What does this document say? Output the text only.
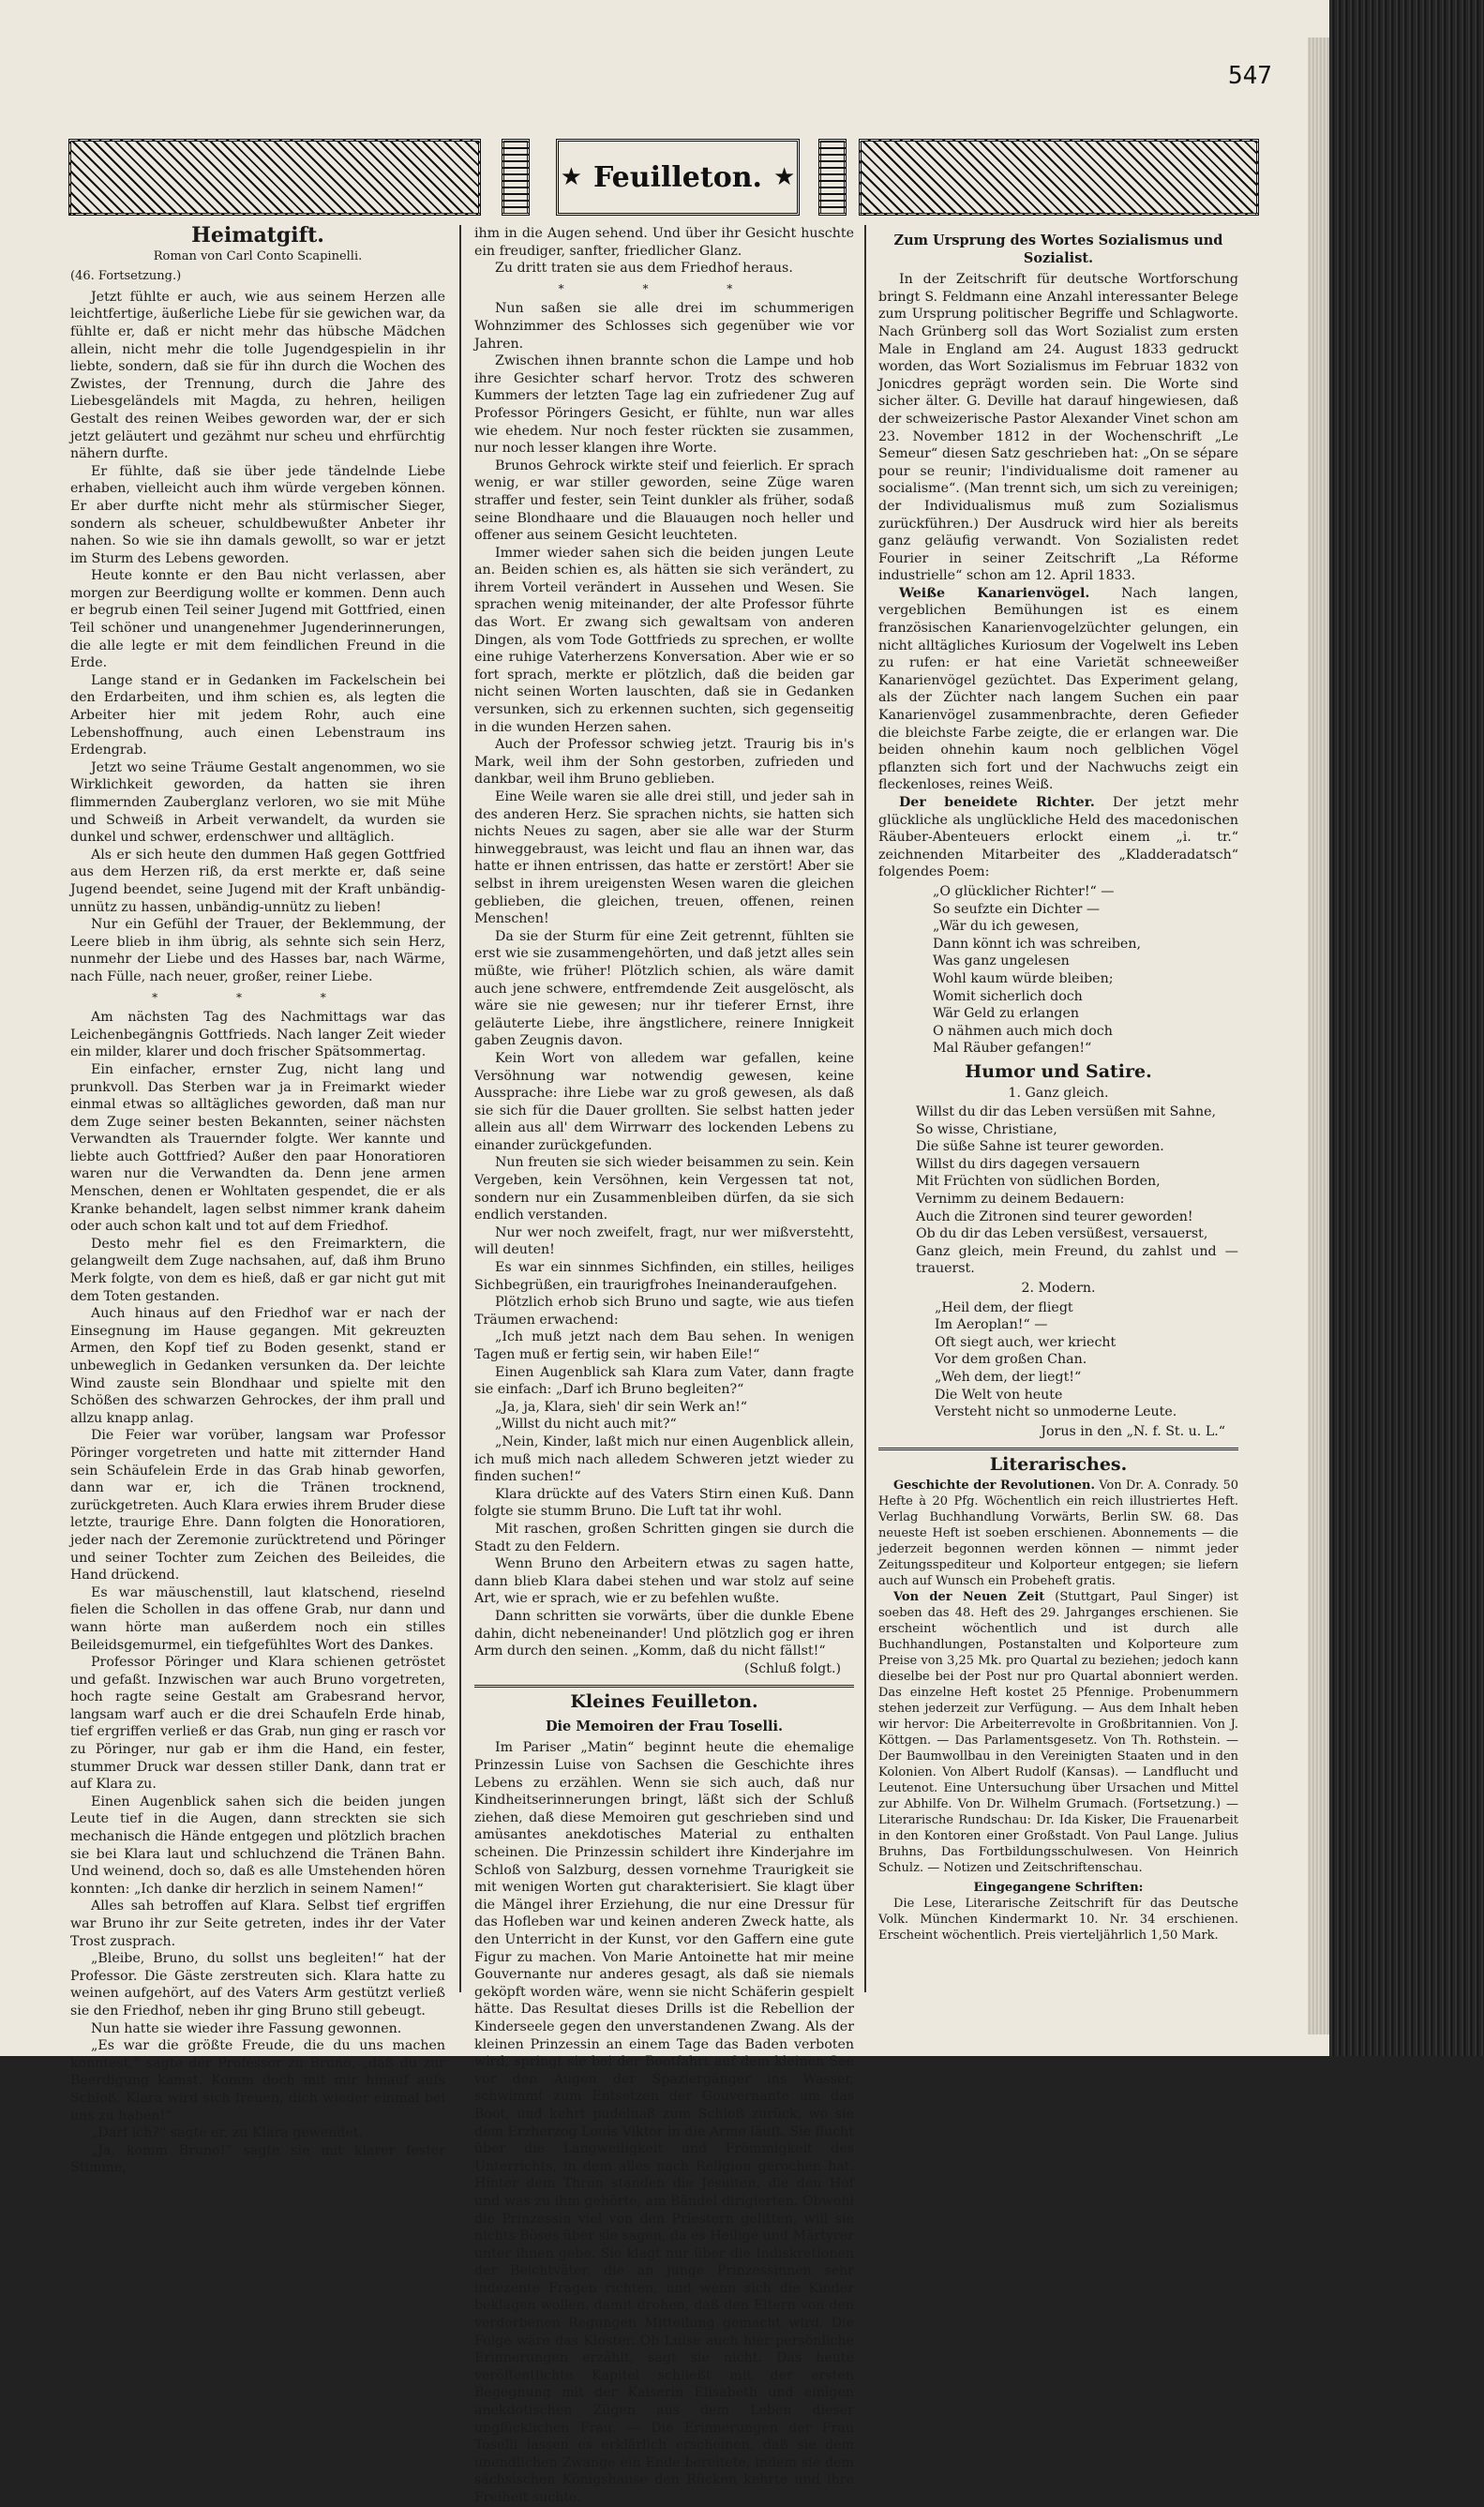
547
★ Feuilleton. ★
Heimatgift.
Roman von Carl Conto Scapinelli.
(46. Fortsetzung.)

Jetzt fühlte er auch, wie aus seinem Herzen alle leichtfertige, äußerliche Liebe für sie gewichen war, da fühlte er, daß er nicht mehr das hübsche Mädchen allein, nicht mehr die tolle Jugendgespielin in ihr liebte, sondern, daß sie für ihn durch die Wochen des Zwistes, der Trennung, durch die Jahre des Liebesgeländels mit Magda, zu hehren, heiligen Gestalt des reinen Weibes geworden war, der er sich jetzt geläutert und gezähmt nur scheu und ehrfürchtig nähern durfte.

Er fühlte, daß sie über jede tändelnde Liebe erhaben, vielleicht auch ihm würde vergeben können. Er aber durfte nicht mehr als stürmischer Sieger, sondern als scheuer, schuldbewußter Anbeter ihr nahen. So wie sie ihn damals gewollt, so war er jetzt im Sturm des Lebens geworden.

Heute konnte er den Bau nicht verlassen, aber morgen zur Beerdigung wollte er kommen. Denn auch er begrub einen Teil seiner Jugend mit Gottfried, einen Teil schöner und unangenehmer Jugenderinnerungen, die alle legte er mit dem feindlichen Freund in die Erde.

Lange stand er in Gedanken im Fackelschein bei den Erdarbeiten, und ihm schien es, als legten die Arbeiter hier mit jedem Rohr, auch eine Lebenshoffnung, auch einen Lebenstraum ins Erdengrab.

Jetzt wo seine Träume Gestalt angenommen, wo sie Wirklichkeit geworden, da hatten sie ihren flimmernden Zauberglanz verloren, wo sie mit Mühe und Schweiß in Arbeit verwandelt, da wurden sie dunkel und schwer, erdenschwer und alltäglich.

Als er sich heute den dummen Haß gegen Gottfried aus dem Herzen riß, da erst merkte er, daß seine Jugend beendet, seine Jugend mit der Kraft unbändig-unnütz zu hassen, unbändig-unnütz zu lieben!

Nur ein Gefühl der Trauer, der Beklemmung, der Leere blieb in ihm übrig, als sehnte sich sein Herz, nunmehr der Liebe und des Hasses bar, nach Wärme, nach Fülle, nach neuer, großer, reiner Liebe.

* * *

Am nächsten Tag des Nachmittags war das Leichenbegängnis Gottfrieds. Nach langer Zeit wieder ein milder, klarer und doch frischer Spätsommertag.

Ein einfacher, ernster Zug, nicht lang und prunkvoll. Das Sterben war ja in Freimarkt wieder einmal etwas so alltägliches geworden, daß man nur dem Zuge seiner besten Bekannten, seiner nächsten Verwandten als Trauernder folgte. Wer kannte und liebte auch Gottfried? Außer den paar Honoratioren waren nur die Verwandten da. Denn jene armen Menschen, denen er Wohltaten gespendet, die er als Kranke behandelt, lagen selbst nimmer krank daheim oder auch schon kalt und tot auf dem Friedhof.

Desto mehr fiel es den Freimarktern, die gelangweilt dem Zuge nachsahen, auf, daß ihm Bruno Merk folgte, von dem es hieß, daß er gar nicht gut mit dem Toten gestanden.

Auch hinaus auf den Friedhof war er nach der Einsegnung im Hause gegangen. Mit gekreuzten Armen, den Kopf tief zu Boden gesenkt, stand er unbeweglich in Gedanken versunken da. Der leichte Wind zauste sein Blondhaar und spielte mit den Schößen des schwarzen Gehrockes, der ihm prall und allzu knapp anlag.

Die Feier war vorüber, langsam war Professor Pöringer vorgetreten und hatte mit zitternder Hand sein Schäufelein Erde in das Grab hinab geworfen, dann war er, ich die Tränen trocknend, zurückgetreten. Auch Klara erwies ihrem Bruder diese letzte, traurige Ehre. Dann folgten die Honoratioren, jeder nach der Zeremonie zurücktretend und Pöringer und seiner Tochter zum Zeichen des Beileides, die Hand drückend.

Es war mäuschenstill, laut klatschend, rieselnd fielen die Schollen in das offene Grab, nur dann und wann hörte man außerdem noch ein stilles Beileidsgemurmel, ein tiefgefühltes Wort des Dankes.

Professor Pöringer und Klara schienen getröstet und gefaßt. Inzwischen war auch Bruno vorgetreten, hoch ragte seine Gestalt am Grabesrand hervor, langsam warf auch er die drei Schaufeln Erde hinab, tief ergriffen verließ er das Grab, nun ging er rasch vor zu Pöringer, nur gab er ihm die Hand, ein fester, stummer Druck war dessen stiller Dank, dann trat er auf Klara zu.

Einen Augenblick sahen sich die beiden jungen Leute tief in die Augen, dann streckten sie sich mechanisch die Hände entgegen und plötzlich brachen sie bei Klara laut und schluchzend die Tränen Bahn. Und weinend, doch so, daß es alle Umstehenden hören konnten: „Ich danke dir herzlich in seinem Namen!“

Alles sah betroffen auf Klara. Selbst tief ergriffen war Bruno ihr zur Seite getreten, indes ihr der Vater Trost zusprach.

„Bleibe, Bruno, du sollst uns begleiten!“ hat der Professor. Die Gäste zerstreuten sich. Klara hatte zu weinen aufgehört, auf des Vaters Arm gestützt verließ sie den Friedhof, neben ihr ging Bruno still gebeugt.

Nun hatte sie wieder ihre Fassung gewonnen.

„Es war die größte Freude, die du uns machen konntest,“ sagte der Professor zu Bruno, „daß du zur Beerdigung kamst. Komm doch mit mir hinauf aufs Schloß, Klara wird sich freuen, dich wieder einmal bei uns zu haben!“

„Darf ich?“ sagte er, zu Klara gewendet.

„Ja, komm Bruno!“ sagte sie mit klarer fester Stimme,

ihm in die Augen sehend. Und über ihr Gesicht huschte ein freudiger, sanfter, friedlicher Glanz.

Zu dritt traten sie aus dem Friedhof heraus.

* * *

Nun saßen sie alle drei im schummerigen Wohnzimmer des Schlosses sich gegenüber wie vor Jahren.

Zwischen ihnen brannte schon die Lampe und hob ihre Gesichter scharf hervor. Trotz des schweren Kummers der letzten Tage lag ein zufriedener Zug auf Professor Pöringers Gesicht, er fühlte, nun war alles wie ehedem. Nur noch fester rückten sie zusammen, nur noch lesser klangen ihre Worte.

Brunos Gehrock wirkte steif und feierlich. Er sprach wenig, er war stiller geworden, seine Züge waren straffer und fester, sein Teint dunkler als früher, sodaß seine Blondhaare und die Blauaugen noch heller und offener aus seinem Gesicht leuchteten.

Immer wieder sahen sich die beiden jungen Leute an. Beiden schien es, als hätten sie sich verändert, zu ihrem Vorteil verändert in Aussehen und Wesen. Sie sprachen wenig miteinander, der alte Professor führte das Wort. Er zwang sich gewaltsam von anderen Dingen, als vom Tode Gottfrieds zu sprechen, er wollte eine ruhige Vaterherzens Konversation. Aber wie er so fort sprach, merkte er plötzlich, daß die beiden gar nicht seinen Worten lauschten, daß sie in Gedanken versunken, sich zu erkennen suchten, sich gegenseitig in die wunden Herzen sahen.

Auch der Professor schwieg jetzt. Traurig bis in's Mark, weil ihm der Sohn gestorben, zufrieden und dankbar, weil ihm Bruno geblieben.

Eine Weile waren sie alle drei still, und jeder sah in des anderen Herz. Sie sprachen nichts, sie hatten sich nichts Neues zu sagen, aber sie alle war der Sturm hinweggebraust, was leicht und flau an ihnen war, das hatte er ihnen entrissen, das hatte er zerstört! Aber sie selbst in ihrem ureigensten Wesen waren die gleichen geblieben, die gleichen, treuen, offenen, reinen Menschen!

Da sie der Sturm für eine Zeit getrennt, fühlten sie erst wie sie zusammengehörten, und daß jetzt alles sein müßte, wie früher! Plötzlich schien, als wäre damit auch jene schwere, entfremdende Zeit ausgelöscht, als wäre sie nie gewesen; nur ihr tieferer Ernst, ihre geläuterte Liebe, ihre ängstlichere, reinere Innigkeit gaben Zeugnis davon.

Kein Wort von alledem war gefallen, keine Versöhnung war notwendig gewesen, keine Aussprache: ihre Liebe war zu groß gewesen, als daß sie sich für die Dauer grollten. Sie selbst hatten jeder allein aus all' dem Wirrwarr des lockenden Lebens zu einander zurückgefunden.

Nun freuten sie sich wieder beisammen zu sein. Kein Vergeben, kein Versöhnen, kein Vergessen tat not, sondern nur ein Zusammenbleiben dürfen, da sie sich endlich verstanden.

Nur wer noch zweifelt, fragt, nur wer mißverstehtt, will deuten!

Es war ein sinnmes Sichfinden, ein stilles, heiliges Sichbegrüßen, ein traurigfrohes Ineinanderaufgehen.

Plötzlich erhob sich Bruno und sagte, wie aus tiefen Träumen erwachend:

„Ich muß jetzt nach dem Bau sehen. In wenigen Tagen muß er fertig sein, wir haben Eile!“

Einen Augenblick sah Klara zum Vater, dann fragte sie einfach: „Darf ich Bruno begleiten?“

„Ja, ja, Klara, sieh' dir sein Werk an!“

„Willst du nicht auch mit?“

„Nein, Kinder, laßt mich nur einen Augenblick allein, ich muß mich nach alledem Schweren jetzt wieder zu finden suchen!“

Klara drückte auf des Vaters Stirn einen Kuß. Dann folgte sie stumm Bruno. Die Luft tat ihr wohl.

Mit raschen, großen Schritten gingen sie durch die Stadt zu den Feldern.

Wenn Bruno den Arbeitern etwas zu sagen hatte, dann blieb Klara dabei stehen und war stolz auf seine Art, wie er sprach, wie er zu befehlen wußte.

Dann schritten sie vorwärts, über die dunkle Ebene dahin, dicht nebeneinander! Und plötzlich gog er ihren Arm durch den seinen. „Komm, daß du nicht fällst!“

(Schluß folgt.)
Kleines Feuilleton.
Die Memoiren der Frau Toselli.

Im Pariser „Matin“ beginnt heute die ehemalige Prinzessin Luise von Sachsen die Geschichte ihres Lebens zu erzählen. Wenn sie sich auch, daß nur Kindheitserinnerungen bringt, läßt sich der Schluß ziehen, daß diese Memoiren gut geschrieben sind und amüsantes anekdotisches Material zu enthalten scheinen. Die Prinzessin schildert ihre Kinderjahre im Schloß von Salzburg, dessen vornehme Traurigkeit sie mit wenigen Worten gut charakterisiert. Sie klagt über die Mängel ihrer Erziehung, die nur eine Dressur für das Hofleben war und keinen anderen Zweck hatte, als den Unterricht in der Kunst, vor den Gaffern eine gute Figur zu machen. Von Marie Antoinette hat mir meine Gouvernante nur anderes gesagt, als daß sie niemals geköpft worden wäre, wenn sie nicht Schäferin gespielt hätte. Das Resultat dieses Drills ist die Rebellion der Kinderseele gegen den unverstandenen Zwang. Als der kleinen Prinzessin an einem Tage das Baden verboten wird, springt sie bei der Bootfahrt auf dem kleinen See vor den Augen der Spaziergänger ins Wasser, schwimmt zum Entsetzen der Gouvernante um das Boot, und kehrt pudelnaß zum Schloß zurück, wo sie dem Erzherzog Louis Viktor in die Arme läuft. Sie flucht über die Langweiligkeit und Frömmigkeit des Unterrichts, in dem alles nach Religion gerochen hat. Hinter dem Thron standen die Jesuiten, die den Hof und was zu ihm gehörte, am Bändel dirigierten. Obwohl die Prinzessin viel von den Priestern gelitten, will sie nichts Böses über sie sagen, da es Heilige und Märtyrer unter ihnen gebe. Sie klagt nur über die Indiskretionen der Beichtväter, die an junge Prinzessinnen sehr indezente Fragen richten, und wenn sich die Kinder beklagen wollen, damit drohen, daß den Eltern von den verdorbenen Regungen Mitteilung gemacht wird. Die Folge wäre das Kloster. Ob Luise auch hier persönliche Erinnerungen erzählt, sagt sie nicht. Das heute veröffentlichte Kapitel schließt mit der ersten Begegnung mit der Kaiserin Elisabeth und einigen anekdotischen Zügen aus dem Leben dieser unglücklichen Frau. — Die Erinnerungen der Frau Toselli lassen es erklärlich erscheinen, daß sie dem unendlichen Zwange ein Ende bereitete, indem sie dem sächsischen Königshause den Rücken kehrte und ihre Freiheit suchte.

Zum Ursprung des Wortes Sozialismus und Sozialist.

In der Zeitschrift für deutsche Wortforschung bringt S. Feldmann eine Anzahl interessanter Belege zum Ursprung politischer Begriffe und Schlagworte. Nach Grünberg soll das Wort Sozialist zum ersten Male in England am 24. August 1833 gedruckt worden, das Wort Sozialismus im Februar 1832 von Jonicdres geprägt worden sein. Die Worte sind sicher älter. G. Deville hat darauf hingewiesen, daß der schweizerische Pastor Alexander Vinet schon am 23. November 1812 in der Wochenschrift „Le Semeur“ diesen Satz geschrieben hat: „On se sépare pour se reunir; l'individualisme doit ramener au socialisme“. (Man trennt sich, um sich zu vereinigen; der Individualismus muß zum Sozialismus zurückführen.) Der Ausdruck wird hier als bereits ganz geläufig verwandt. Von Sozialisten redet Fourier in seiner Zeitschrift „La Réforme industrielle“ schon am 12. April 1833.

Weiße Kanarienvögel. Nach langen, vergeblichen Bemühungen ist es einem französischen Kanarienvogelzüchter gelungen, ein nicht alltägliches Kuriosum der Vogelwelt ins Leben zu rufen: er hat eine Varietät schneeweißer Kanarienvögel gezüchtet. Das Experiment gelang, als der Züchter nach langem Suchen ein paar Kanarienvögel zusammenbrachte, deren Gefieder die bleichste Farbe zeigte, die er erlangen war. Die beiden ohnehin kaum noch gelblichen Vögel pflanzten sich fort und der Nachwuchs zeigt ein fleckenloses, reines Weiß.

Der beneidete Richter. Der jetzt mehr glückliche als unglückliche Held des macedonischen Räuber-Abenteuers erlockt einem „i. tr.“ zeichnenden Mitarbeiter des „Kladderadatsch“ folgendes Poem:

„O glücklicher Richter!“ —
So seufzte ein Dichter —
„Wär du ich gewesen,
Dann könnt ich was schreiben,
Was ganz ungelesen
Wohl kaum würde bleiben;
Womit sicherlich doch
Wär Geld zu erlangen
O nähmen auch mich doch
Mal Räuber gefangen!“
Humor und Satire.
1. Ganz gleich.
Willst du dir das Leben versüßen mit Sahne,
So wisse, Christiane,
Die süße Sahne ist teurer geworden.
Willst du dirs dagegen versauern
Mit Früchten von südlichen Borden,
Vernimm zu deinem Bedauern:
Auch die Zitronen sind teurer geworden!
Ob du dir das Leben versüßest, versauerst,
Ganz gleich, mein Freund, du zahlst und — trauerst.
2. Modern.
„Heil dem, der fliegt
Im Aeroplan!“ —
Oft siegt auch, wer kriecht
Vor dem großen Chan.
„Weh dem, der liegt!“
Die Welt von heute
Versteht nicht so unmoderne Leute.
Jorus in den „N. f. St. u. L.“
Literarisches.

Geschichte der Revolutionen. Von Dr. A. Conrady. 50 Hefte à 20 Pfg. Wöchentlich ein reich illustriertes Heft. Verlag Buchhandlung Vorwärts, Berlin SW. 68. Das neueste Heft ist soeben erschienen. Abonnements — die jederzeit begonnen werden können — nimmt jeder Zeitungsspediteur und Kolporteur entgegen; sie liefern auch auf Wunsch ein Probeheft gratis.

Von der Neuen Zeit (Stuttgart, Paul Singer) ist soeben das 48. Heft des 29. Jahrganges erschienen. Sie erscheint wöchentlich und ist durch alle Buchhandlungen, Postanstalten und Kolporteure zum Preise von 3,25 Mk. pro Quartal zu beziehen; jedoch kann dieselbe bei der Post nur pro Quartal abonniert werden. Das einzelne Heft kostet 25 Pfennige. Probenummern stehen jederzeit zur Verfügung. — Aus dem Inhalt heben wir hervor: Die Arbeiterrevolte in Großbritannien. Von J. Köttgen. — Das Parlamentsgesetz. Von Th. Rothstein. — Der Baumwollbau in den Vereinigten Staaten und in den Kolonien. Von Albert Rudolf (Kansas). — Landflucht und Leutenot. Eine Untersuchung über Ursachen und Mittel zur Abhilfe. Von Dr. Wilhelm Grumach. (Fortsetzung.) — Literarische Rundschau: Dr. Ida Kisker, Die Frauenarbeit in den Kontoren einer Großstadt. Von Paul Lange. Julius Bruhns, Das Fortbildungsschulwesen. Von Heinrich Schulz. — Notizen und Zeitschriftenschau.

Eingegangene Schriften:

Die Lese, Literarische Zeitschrift für das Deutsche Volk. München Kindermarkt 10. Nr. 34 erschienen. Erscheint wöchentlich. Preis vierteljährlich 1,50 Mark.
